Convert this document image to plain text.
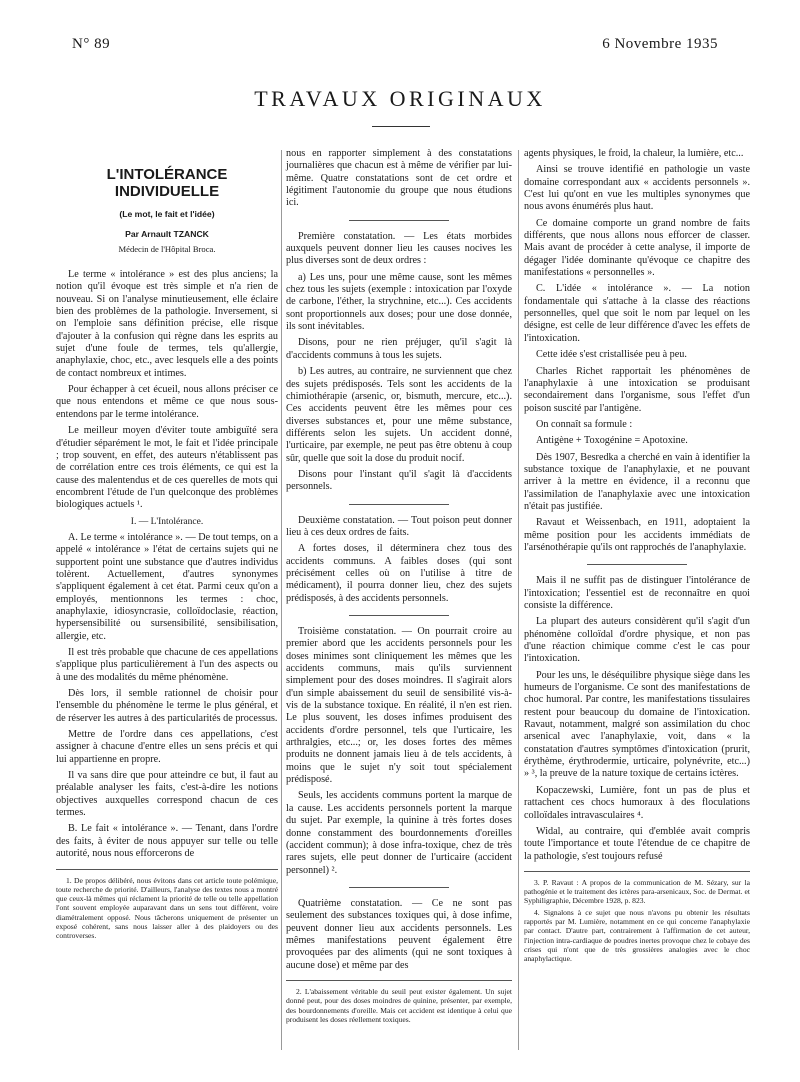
N° 89	6 Novembre 1935
TRAVAUX ORIGINAUX
L'INTOLÉRANCE INDIVIDUELLE
(Le mot, le fait et l'idée)
Par Arnault TZANCK
Médecin de l'Hôpital Broca.

Le terme « intolérance » est des plus anciens; la notion qu'il évoque est très simple et n'a rien de nouveau. Si on l'analyse minutieusement, elle éclaire bien des problèmes de la pathologie. Inversement, si on l'emploie sans définition précise, elle risque d'ajouter à la confusion qui règne dans les esprits au sujet d'une foule de termes, tels qu'allergie, anaphylaxie, choc, etc., avec lesquels elle a des points de contact nombreux et intimes.

Pour échapper à cet écueil, nous allons préciser ce que nous entendons et même ce que nous sous-entendons par le terme intolérance.

Le meilleur moyen d'éviter toute ambiguïté sera d'étudier séparément le mot, le fait et l'idée principale ; trop souvent, en effet, des auteurs n'établissent pas de corrélation entre ces trois éléments, ce qui est la cause des malentendus et de ces querelles de mots qui encombrent l'étude de l'un quelconque des problèmes biologiques actuels ¹.

I. — L'Intolérance.

A. Le terme « intolérance ». — De tout temps, on a appelé « intolérance » l'état de certains sujets qui ne supportent point une substance que d'autres individus tolèrent. Actuellement, d'autres synonymes s'appliquent également à cet état. Parmi ceux qu'on a employés, mentionnons les termes : choc, anaphylaxie, idiosyncrasie, colloïdoclasie, réaction, hypersensibilité ou sursensibilité, sensibilisation, allergie, etc.

Il est très probable que chacune de ces appellations s'applique plus particulièrement à l'un des aspects ou à une des modalités du même phénomène.

Dès lors, il semble rationnel de choisir pour l'ensemble du phénomène le terme le plus général, et de réserver les autres à des particularités de processus.

Mettre de l'ordre dans ces appellations, c'est assigner à chacune d'entre elles un sens précis et qui lui appartienne en propre.

Il va sans dire que pour atteindre ce but, il faut au préalable analyser les faits, c'est-à-dire les notions objectives auxquelles correspond chacun de ces termes.

B. Le fait « intolérance ». — Tenant, dans l'ordre des faits, à éviter de nous appuyer sur telle ou telle autorité, nous nous efforcerons de

1. De propos délibéré, nous évitons dans cet article toute polémique, toute recherche de priorité. D'ailleurs, l'analyse des textes nous a montré que ceux-là mêmes qui réclament la priorité de telle ou telle appellation l'ont souvent employée auparavant dans un sens tout différent, voire diamétralement opposé. Nous tâcherons uniquement de présenter un exposé cohérent, sans nous laisser aller à des plaidoyers ou des controverses.

nous en rapporter simplement à des constatations journalières que chacun est à même de vérifier par lui-même. Quatre constatations sont de cet ordre et légitiment l'autonomie du groupe que nous étudions ici.

Première constatation. — Les états morbides auxquels peuvent donner lieu les causes nocives les plus diverses sont de deux ordres :

a) Les uns, pour une même cause, sont les mêmes chez tous les sujets (exemple : intoxication par l'oxyde de carbone, l'éther, la strychnine, etc...). Ces accidents sont proportionnels aux doses; pour une dose donnée, ils sont inévitables.

Disons, pour ne rien préjuger, qu'il s'agit là d'accidents communs à tous les sujets.

b) Les autres, au contraire, ne surviennent que chez des sujets prédisposés. Tels sont les accidents de la chimiothérapie (arsenic, or, bismuth, mercure, etc...). Ces accidents peuvent être les mêmes pour ces diverses substances et, pour une même substance, différents selon les sujets. Un accident donné, l'urticaire, par exemple, ne peut pas être obtenu à coup sûr, quelle que soit la dose du produit nocif.

Disons pour l'instant qu'il s'agit là d'accidents personnels.

Deuxième constatation. — Tout poison peut donner lieu à ces deux ordres de faits.

A fortes doses, il déterminera chez tous des accidents communs. A faibles doses (qui sont précisément celles où on l'utilise à titre de médicament), il pourra donner lieu, chez des sujets prédisposés, à des accidents personnels.

Troisième constatation. — On pourrait croire au premier abord que les accidents personnels pour les doses minimes sont cliniquement les mêmes que les accidents communs, mais qu'ils surviennent simplement pour des doses moindres. Il s'agirait alors d'un simple abaissement du seuil de sensibilité vis-à-vis de la substance toxique. En réalité, il n'en est rien. Le plus souvent, les doses infimes produisent des accidents d'ordre personnel, tels que l'urticaire, les arthralgies, etc...; or, les doses fortes des mêmes produits ne donnent jamais lieu à de tels accidents, à moins que le sujet n'y soit tout spécialement prédisposé.

Seuls, les accidents communs portent la marque de la cause. Les accidents personnels portent la marque du sujet. Par exemple, la quinine à très fortes doses donne constamment des bourdonnements d'oreilles (accident commun); à dose infra-toxique, chez de très rares sujets, elle peut donner de l'urticaire (accident personnel) ².

Quatrième constatation. — Ce ne sont pas seulement des substances toxiques qui, à dose infime, peuvent donner lieu aux accidents personnels. Les mêmes manifestations peuvent également être provoquées par des aliments (qui ne sont toxiques à aucune dose) et même par des

2. L'abaissement véritable du seuil peut exister également. Un sujet donné peut, pour des doses moindres de quinine, présenter, par exemple, des bourdonnements d'oreille. Mais cet accident est identique à celui que produisent les doses réellement toxiques.

agents physiques, le froid, la chaleur, la lumière, etc...

Ainsi se trouve identifié en pathologie un vaste domaine correspondant aux « accidents personnels ». C'est lui qu'ont en vue les multiples synonymes que nous avons énumérés plus haut.

Ce domaine comporte un grand nombre de faits différents, que nous allons nous efforcer de classer. Mais avant de procéder à cette analyse, il importe de dégager l'idée dominante qu'évoque ce chapitre des manifestations « personnelles ».

C. L'idée « intolérance ». — La notion fondamentale qui s'attache à la classe des réactions personnelles, quel que soit le nom par lequel on les désigne, est celle de leur différence d'avec les effets de l'intoxication.

Cette idée s'est cristallisée peu à peu.

Charles Richet rapportait les phénomènes de l'anaphylaxie à une intoxication se produisant secondairement dans l'organisme, sous l'effet d'un poison suscité par l'antigène.

On connaît sa formule :

Antigène + Toxogénine = Apotoxine.

Dès 1907, Besredka a cherché en vain à identifier la substance toxique de l'anaphylaxie, et ne pouvant arriver à la mettre en évidence, il a reconnu que l'assimilation de l'anaphylaxie avec une intoxication n'était pas justifiée.

Ravaut et Weissenbach, en 1911, adoptaient la même position pour les accidents immédiats de l'arsénothérapie qu'ils ont rapprochés de l'anaphylaxie.

Mais il ne suffit pas de distinguer l'intolérance de l'intoxication; l'essentiel est de reconnaître en quoi consiste la différence.

La plupart des auteurs considèrent qu'il s'agit d'un phénomène colloïdal d'ordre physique, et non pas d'une réaction chimique comme c'est le cas pour l'intoxication.

Pour les uns, le déséquilibre physique siège dans les humeurs de l'organisme. Ce sont des manifestations de choc humoral. Par contre, les manifestations tissulaires restent pour beaucoup du domaine de l'intoxication. Ravaut, notamment, malgré son assimilation du choc arsenical avec l'anaphylaxie, voit, dans « la constatation d'autres symptômes d'intoxication (prurit, érythème, érythrodermie, urticaire, polynévrite, etc...) » ³, la preuve de la nature toxique de certains ictères.

Kopaczewski, Lumière, font un pas de plus et rattachent ces chocs humoraux à des floculations colloïdales intravasculaires ⁴.

Widal, au contraire, qui d'emblée avait compris toute l'importance et toute l'étendue de ce chapitre de la pathologie, s'est toujours refusé

3. P. Ravaut : A propos de la communication de M. Sézary, sur la pathogénie et le traitement des ictères para-arsenicaux, Soc. de Dermat. et Syphiligraphie, Décembre 1928, p. 823.

4. Signalons à ce sujet que nous n'avons pu obtenir les résultats rapportés par M. Lumière, notamment en ce qui concerne l'anaphylaxie par contact. D'autre part, contrairement à l'affirmation de cet auteur, l'injection intra-cardiaque de poudres inertes provoque chez le cobaye des crises qui n'ont que de très grossières analogies avec le choc anaphylactique.
